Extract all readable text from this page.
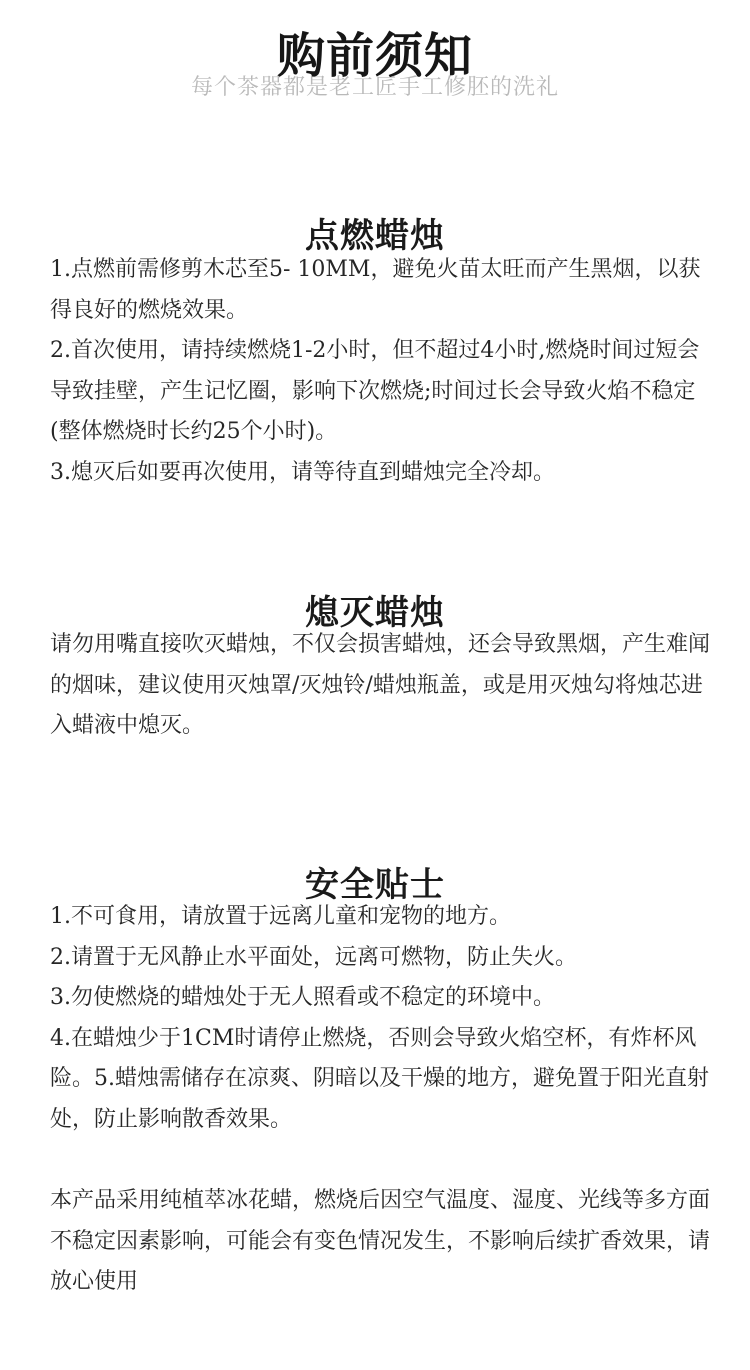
购前须知
每个茶器都是老工匠手工修胚的洗礼
点燃蜡烛

1.点燃前需修剪木芯至5- 10MM，避免火苗太旺而产生黑烟，以获得良好的燃烧效果。

2.首次使用，请持续燃烧1-2小时，但不超过4小时,燃烧时间过短会导致挂壁，产生记忆圈，影响下次燃烧;时间过长会导致火焰不稳定(整体燃烧时长约25个小时)。

3.熄灭后如要再次使用，请等待直到蜡烛完全冷却。

熄灭蜡烛

请勿用嘴直接吹灭蜡烛，不仅会损害蜡烛，还会导致黑烟，产生难闻的烟味，建议使用灭烛罩/灭烛铃/蜡烛瓶盖，或是用灭烛勾将烛芯进入蜡液中熄灭。

安全贴士

1.不可食用，请放置于远离儿童和宠物的地方。

2.请置于无风静止水平面处，远离可燃物，防止失火。

3.勿使燃烧的蜡烛处于无人照看或不稳定的环境中。

4.在蜡烛少于1CM时请停止燃烧，否则会导致火焰空杯，有炸杯风险。5.蜡烛需储存在凉爽、阴暗以及干燥的地方，避免置于阳光直射处，防止影响散香效果。

本产品采用纯植萃冰花蜡，燃烧后因空气温度、湿度、光线等多方面不稳定因素影响，可能会有变色情况发生，不影响后续扩香效果，请放心使用
